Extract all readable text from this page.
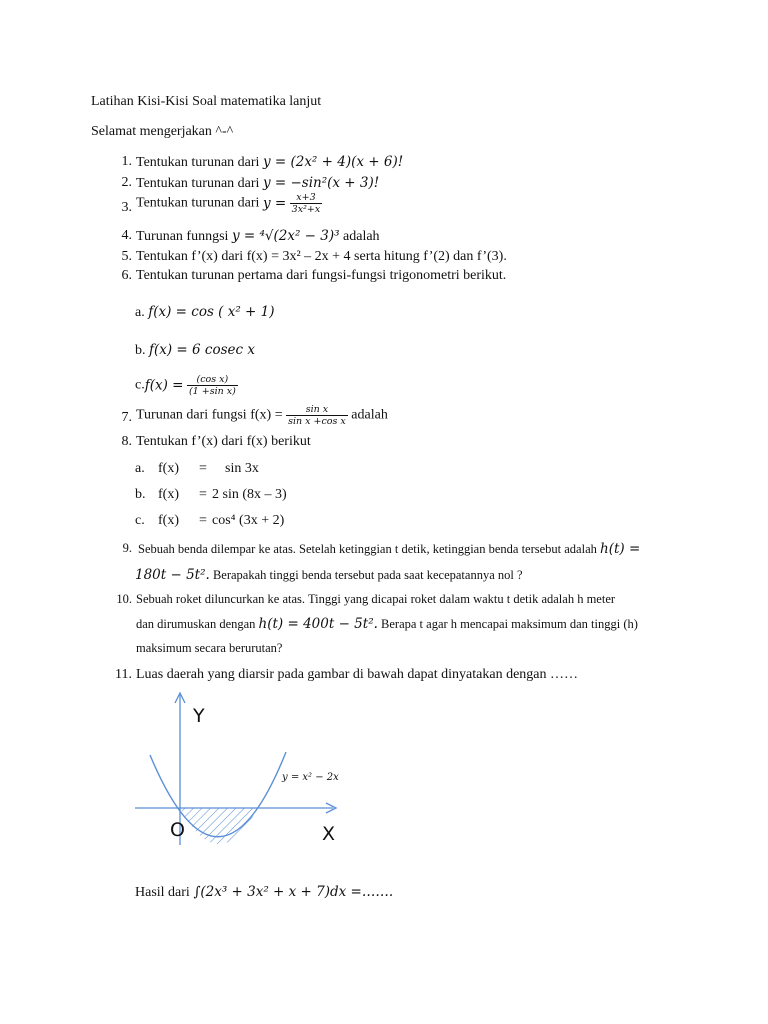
Latihan Kisi-Kisi Soal matematika lanjut
Selamat mengerjakan ^-^
1. Tentukan turunan dari y = (2x² + 4)(x + 6)!
2. Tentukan turunan dari y = −sin²(x + 3)!
3. Tentukan turunan dari $y = \frac{x+3}{\text{3x²+x}}$
4. Turunan funngsi y = ⁴√(2x² − 3)³ adalah
5. Tentukan f’(x) dari f(x) = 3x² – 2x + 4 serta hitung f’(2) dan f’(3).
6. Tentukan turunan pertama dari fungsi-fungsi trigonometri berikut.
a. f(x) = cos ( x² + 1)
b. f(x) = 6 cosec x
$c.f(x) = \frac{\text{(cos x)}}{\text{(1 +sin x)}}$
7. Turunan dari fungsi $f(x) = \frac{\text{sin x}}{\text{sin x +cos x}}$ adalah
8. Tentukan f’(x) dari f(x) berikut
a. f(x) = sin 3x
b. f(x) = 2 sin (8x – 3)
c. f(x) = cos⁴ (3x + 2)
9. Sebuah benda dilempar ke atas. Setelah ketinggian t detik, ketinggian benda tersebut adalah h(t) =
180t − 5t². Berapakah tinggi benda tersebut pada saat kecepatannya nol ?
10. Sebuah roket diluncurkan ke atas. Tinggi yang dicapai roket dalam waktu t detik adalah h meter
dan dirumuskan dengan h(t) = 400t − 5t². Berapa t agar h mencapai maksimum dan tinggi (h)
maksimum secara berurutan?
11. Luas daerah yang diarsir pada gambar di bawah dapat dinyatakan dengan ……
Y
X
O
y = x² − 2x
Hasil dari ∫(2x³ + 3x² + x + 7)dx =…….
